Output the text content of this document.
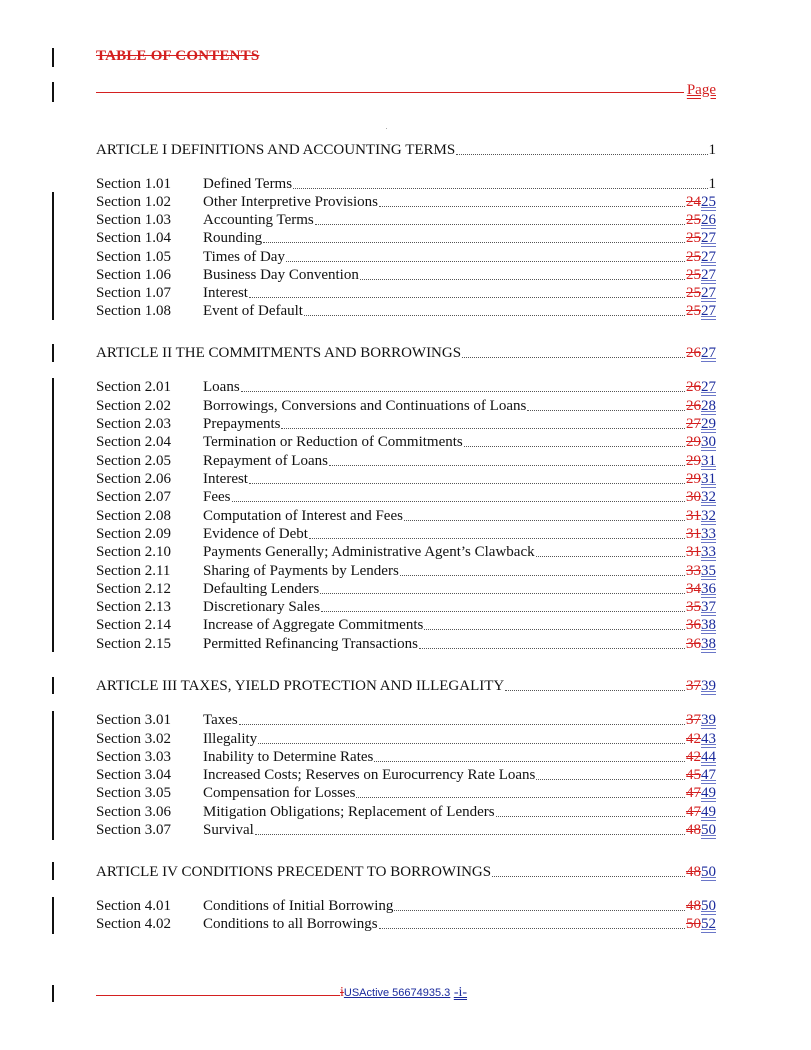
TABLE OF CONTENTS
Page
ARTICLE I DEFINITIONS AND ACCOUNTING TERMS	1
Section 1.01	Defined Terms	1
Section 1.02	Other Interpretive Provisions	2425
Section 1.03	Accounting Terms	2526
Section 1.04	Rounding	2527
Section 1.05	Times of Day	2527
Section 1.06	Business Day Convention	2527
Section 1.07	Interest	2527
Section 1.08	Event of Default	2527
ARTICLE II THE COMMITMENTS AND BORROWINGS	2627
Section 2.01	Loans	2627
Section 2.02	Borrowings, Conversions and Continuations of Loans	2628
Section 2.03	Prepayments	2729
Section 2.04	Termination or Reduction of Commitments	2930
Section 2.05	Repayment of Loans	2931
Section 2.06	Interest	2931
Section 2.07	Fees	3032
Section 2.08	Computation of Interest and Fees	3132
Section 2.09	Evidence of Debt	3133
Section 2.10	Payments Generally; Administrative Agent’s Clawback	3133
Section 2.11	Sharing of Payments by Lenders	3335
Section 2.12	Defaulting Lenders	3436
Section 2.13	Discretionary Sales	3537
Section 2.14	Increase of Aggregate Commitments	3638
Section 2.15	Permitted Refinancing Transactions	3638
ARTICLE III TAXES, YIELD PROTECTION AND ILLEGALITY	3739
Section 3.01	Taxes	3739
Section 3.02	Illegality	4243
Section 3.03	Inability to Determine Rates	4244
Section 3.04	Increased Costs; Reserves on Eurocurrency Rate Loans	4547
Section 3.05	Compensation for Losses	4749
Section 3.06	Mitigation Obligations; Replacement of Lenders	4749
Section 3.07	Survival	4850
ARTICLE IV CONDITIONS PRECEDENT TO BORROWINGS	4850
Section 4.01	Conditions of Initial Borrowing	4850
Section 4.02	Conditions to all Borrowings	5052
iUSActive 56674935.3 -i-
